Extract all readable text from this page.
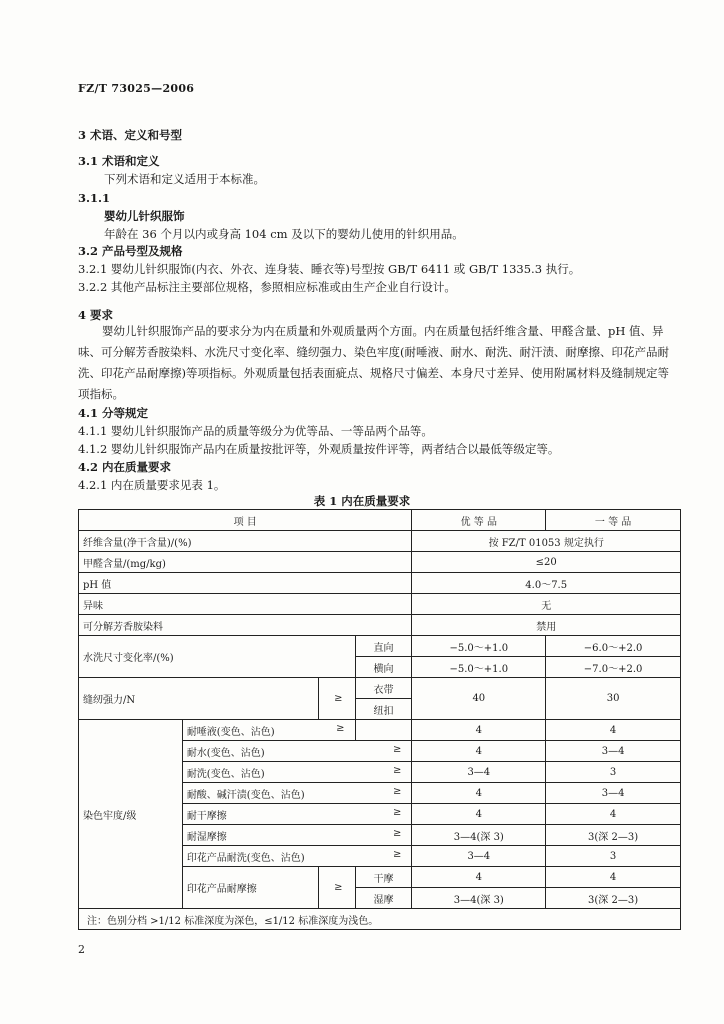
FZ/T 73025—2006
3 术语、定义和号型
3.1 术语和定义
下列术语和定义适用于本标准。
3.1.1
婴幼儿针织服饰
年龄在 36 个月以内或身高 104 cm 及以下的婴幼儿使用的针织用品。
3.2 产品号型及规格
3.2.1 婴幼儿针织服饰(内衣、外衣、连身装、睡衣等)号型按 GB/T 6411 或 GB/T 1335.3 执行。
3.2.2 其他产品标注主要部位规格，参照相应标准或由生产企业自行设计。
4 要求
婴幼儿针织服饰产品的要求分为内在质量和外观质量两个方面。内在质量包括纤维含量、甲醛含量、pH 值、异味、可分解芳香胺染料、水洗尺寸变化率、缝纫强力、染色牢度(耐唾液、耐水、耐洗、耐汗渍、耐摩擦、印花产品耐洗、印花产品耐摩擦)等项指标。外观质量包括表面疵点、规格尺寸偏差、本身尺寸差异、使用附属材料及缝制规定等项指标。
4.1 分等规定
4.1.1 婴幼儿针织服饰产品的质量等级分为优等品、一等品两个品等。
4.1.2 婴幼儿针织服饰产品内在质量按批评等，外观质量按件评等，两者结合以最低等级定等。
4.2 内在质量要求
4.2.1 内在质量要求见表 1。
表 1 内在质量要求
项 目				优 等 品	一 等 品
纤维含量(净干含量)/(%)				按 FZ/T 01053 规定执行	
甲醛含量/(mg/kg)				≤20	
pH 值				4.0～7.5	
异味				无	
可分解芳香胺染料				禁用	
水洗尺寸变化率/(%)			直向	−5.0～+1.0	−6.0～+2.0
			横向	−5.0～+1.0	−7.0～+2.0
缝纫强力/N		≥	衣带	40	30
			纽扣		
染色牢度/级	耐唾液(变色、沾色) ≥			4	4
	耐水(变色、沾色) ≥			4	3—4
	耐洗(变色、沾色) ≥			3—4	3
	耐酸、碱汗渍(变色、沾色) ≥			4	3—4
	耐干摩擦 ≥			4	4
	耐湿摩擦 ≥			3—4(深 3)	3(深 2—3)
	印花产品耐洗(变色、沾色) ≥			3—4	3
	印花产品耐摩擦	≥	干摩	4	4
			湿摩	3—4(深 3)	3(深 2—3)
注：色别分档 >1/12 标准深度为深色，≤1/12 标准深度为浅色。					
2
